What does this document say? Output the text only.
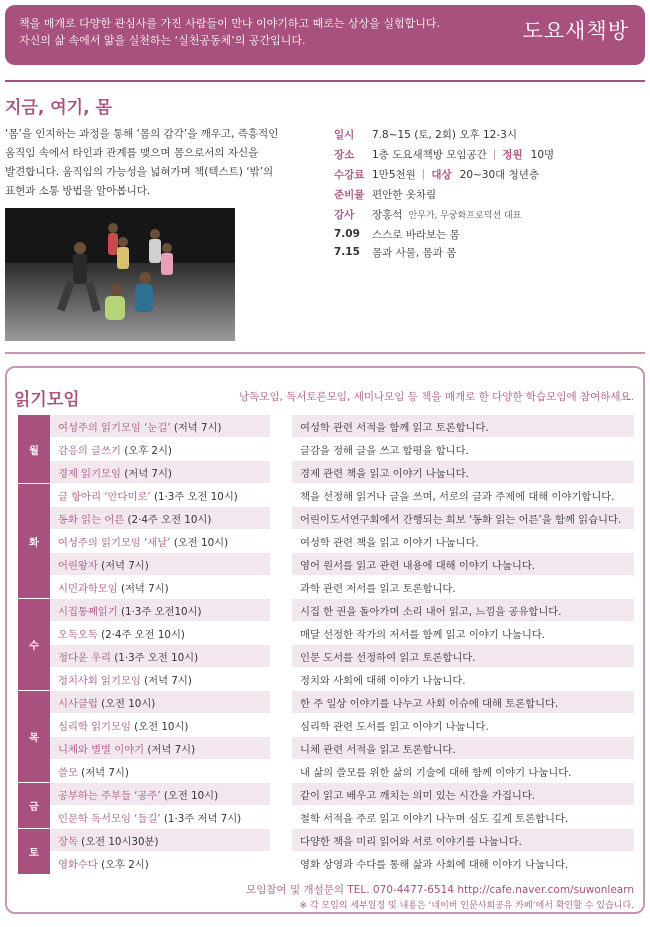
책을 매개로 다양한 관심사를 가진 사람들이 만나 이야기하고 때로는 상상을 실험합니다.
자신의 삶 속에서 앎을 실천하는 ‘실천공동체’의 공간입니다.	도요새책방
지금, 여기, 몸
‘몸’을 인지하는 과정을 통해 ‘몸의 감각’을 깨우고, 즉흥적인
움직임 속에서 타인과 관계를 맺으며 몸으로서의 자신을
발견합니다. 움직임의 가능성을 넓혀가며 책(텍스트) ‘밖’의
표현과 소통 방법을 알아봅니다.
일시	7.8~15 (토, 2회) 오후 12-3시
장소	1층 도요새책방 모임공간 | 정원 10명
수강료 1만5천원 | 대상 20~30대 청년층
준비물 편안한 옷차림
강사	장홍석 안무가, 무궁화프로덕션 대표
7.09	스스로 바라보는 몸
7.15	몸과 사물, 몸과 몸
읽기모임	낭독모임, 독서토론모임, 세미나모임 등 책을 매개로 한 다양한 학습모임에 참여하세요.
월	여성주의 읽기모임 ‘눈길’ (저녁 7시)		여성학 관련 서적을 함께 읽고 토론합니다.
	감응의 글쓰기 (오후 2시)		글감을 정해 글을 쓰고 합평을 합니다.
	경제 읽기모임 (저녁 7시)		경제 관련 책을 읽고 이야기 나눕니다.
화	글 항아리 ‘안다미로’ (1·3주 오전 10시)		책을 선정해 읽거나 글을 쓰며, 서로의 글과 주제에 대해 이야기합니다.
	동화 읽는 어른 (2·4주 오전 10시)		어린이도서연구회에서 간행되는 회보 ‘동화 읽는 어른’을 함께 읽습니다.
	여성주의 읽기모임 ‘새날’ (오전 10시)		여성학 관련 책을 읽고 이야기 나눕니다.
	어린왕자 (저녁 7시)		영어 원서를 읽고 관련 내용에 대해 이야기 나눕니다.
	시민과학모임 (저녁 7시)		과학 관련 저서를 읽고 토론합니다.
수	시집통째읽기 (1·3주 오전10시)		시집 한 권을 돌아가며 소리 내어 읽고, 느낌을 공유합니다.
	오독오독 (2·4주 오전 10시)		매달 선정한 작가의 저서를 함께 읽고 이야기 나눕니다.
	정다운 우리 (1·3주 오전 10시)		인문 도서를 선정하여 읽고 토론합니다.
	정치사회 읽기모임 (저녁 7시)		정치와 사회에 대해 이야기 나눕니다.
목	시사클럽 (오전 10시)		한 주 일상 이야기를 나누고 사회 이슈에 대해 토론합니다.
	심리학 읽기모임 (오전 10시)		심리학 관련 도서를 읽고 이야기 나눕니다.
	니체와 별별 이야기 (저녁 7시)		니체 관련 서적을 읽고 토론합니다.
	쓸모 (저녁 7시)		내 삶의 쓸모를 위한 삶의 기술에 대해 함께 이야기 나눕니다.
금	공부하는 주부들 ‘공주’ (오전 10시)		같이 읽고 배우고 깨치는 의미 있는 시간을 가집니다.
	인문학 독서모임 ‘들길’ (1·3주 저녁 7시)		철학 서적을 주로 읽고 이야기 나누며 심도 깊게 토론합니다.
토	장독 (오전 10시30분)		다양한 책을 미리 읽어와 서로 이야기를 나눕니다.
	영화수다 (오후 2시)		영화 상영과 수다를 통해 삶과 사회에 대해 이야기 나눕니다.
모임참여 및 개설문의 TEL. 070-4477-6514 http://cafe.naver.com/suwonlearn
※ 각 모임의 세부일정 및 내용은 ‘네이버 인문사회공유 카페’에서 확인할 수 있습니다.
